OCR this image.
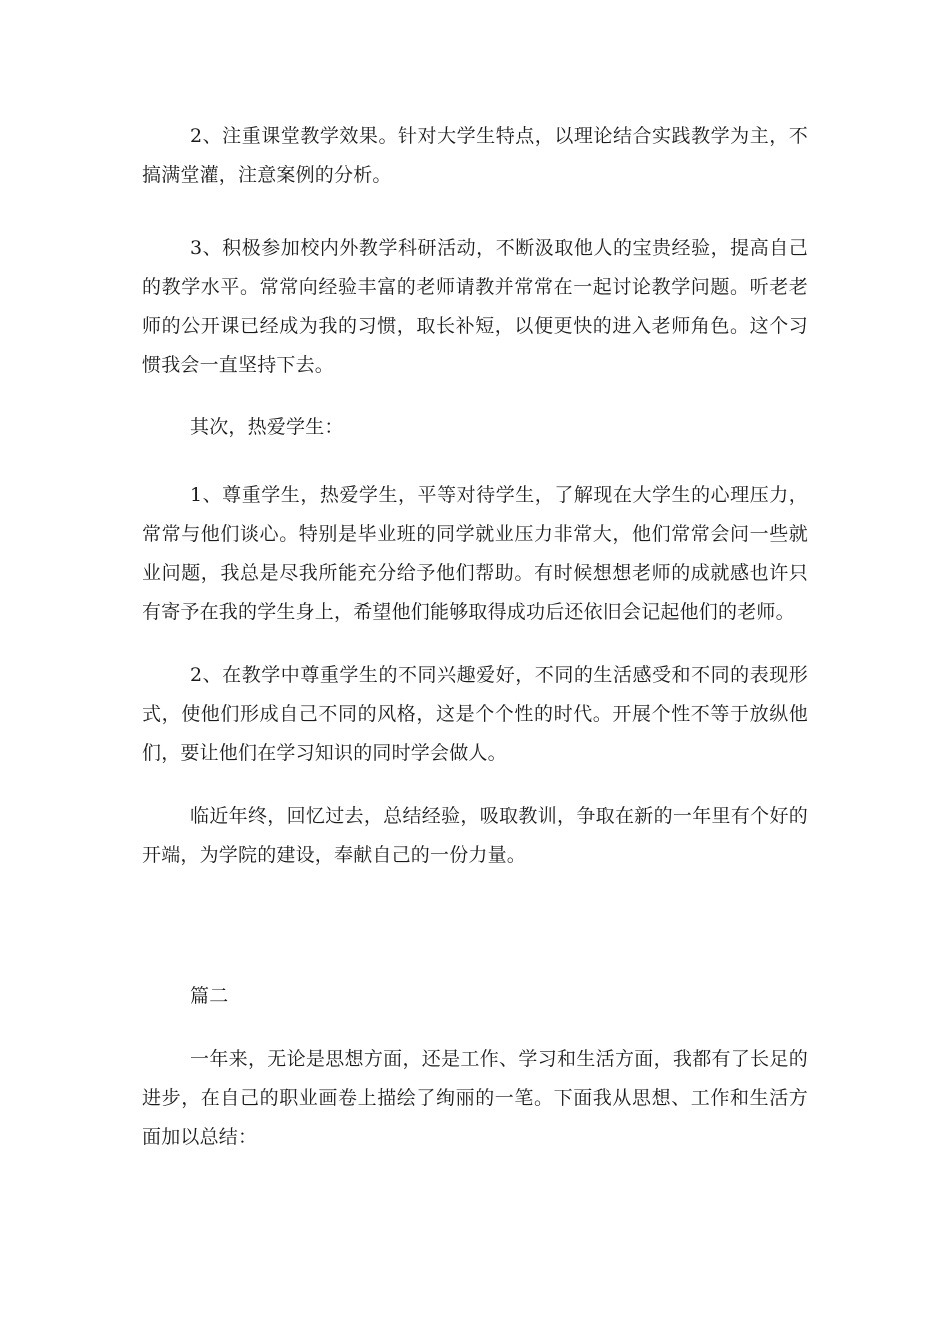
2、注重课堂教学效果。针对大学生特点，以理论结合实践教学为主，不搞满堂灌，注意案例的分析。

3、积极参加校内外教学科研活动，不断汲取他人的宝贵经验，提高自己的教学水平。常常向经验丰富的老师请教并常常在一起讨论教学问题。听老老师的公开课已经成为我的习惯，取长补短，以便更快的进入老师角色。这个习惯我会一直坚持下去。

其次，热爱学生：

1、尊重学生，热爱学生，平等对待学生，了解现在大学生的心理压力，常常与他们谈心。特别是毕业班的同学就业压力非常大，他们常常会问一些就业问题，我总是尽我所能充分给予他们帮助。有时候想想老师的成就感也许只有寄予在我的学生身上，希望他们能够取得成功后还依旧会记起他们的老师。

2、在教学中尊重学生的不同兴趣爱好，不同的生活感受和不同的表现形式，使他们形成自己不同的风格，这是个个性的时代。开展个性不等于放纵他们，要让他们在学习知识的同时学会做人。

临近年终，回忆过去，总结经验，吸取教训，争取在新的一年里有个好的开端，为学院的建设，奉献自己的一份力量。

篇二

一年来，无论是思想方面，还是工作、学习和生活方面，我都有了长足的进步，在自己的职业画卷上描绘了绚丽的一笔。下面我从思想、工作和生活方面加以总结：
